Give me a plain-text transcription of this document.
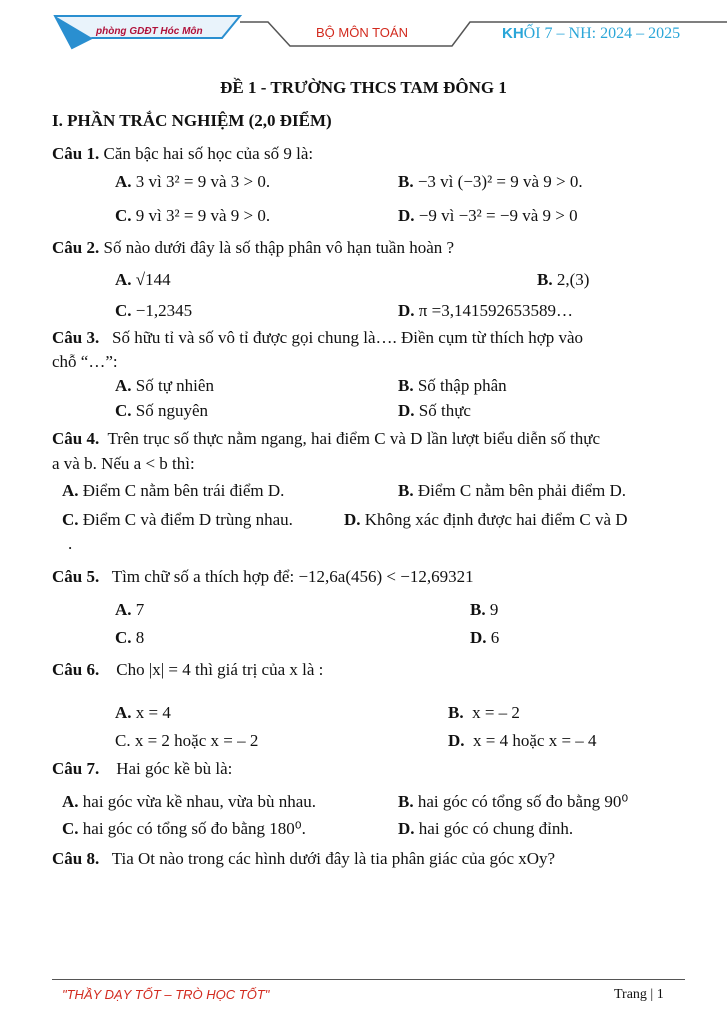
phòng GDĐT Hóc Môn	BỘ MÔN TOÁN	KHỐI 7 – NH: 2024 – 2025
ĐỀ 1 - TRƯỜNG THCS TAM ĐÔNG 1
I. PHẦN TRẮC NGHIỆM (2,0 ĐIỂM)
Câu 1. Căn bậc hai số học của số 9 là:
A. 3 vì 3² = 9 và 3 > 0.	B. −3 vì (−3)² = 9 và 9 > 0.
C. 9 vì 3² = 9 và 9 > 0.	D. −9 vì −3² = −9 và 9 > 0
Câu 2. Số nào dưới đây là số thập phân vô hạn tuần hoàn ?
A. √144	B. 2,(3)
C. −1,2345	D. π =3,141592653589…
Câu 3. Số hữu tỉ và số vô tỉ được gọi chung là…. Điền cụm từ thích hợp vào
chỗ “…”:
A. Số tự nhiên	B. Số thập phân
C. Số nguyên	D. Số thực
Câu 4. Trên trục số thực nằm ngang, hai điểm C và D lần lượt biểu diễn số thực
a và b. Nếu a < b thì:
A. Điểm C nằm bên trái điểm D.	B. Điểm C nằm bên phải điểm D.
C. Điểm C và điểm D trùng nhau.	D. Không xác định được hai điểm C và D
.
Câu 5. Tìm chữ số a thích hợp để: −12,6a(456) < −12,69321
A. 7	B. 9
C. 8	D. 6
Câu 6. Cho |x| = 4 thì giá trị của x là :
A. x = 4	B. x = – 2
C. x = 2 hoặc x = – 2	D. x = 4 hoặc x = – 4
Câu 7. Hai góc kề bù là:
A. hai góc vừa kề nhau, vừa bù nhau.	B. hai góc có tổng số đo bằng 90⁰
C. hai góc có tổng số đo bằng 180⁰.	D. hai góc có chung đỉnh.
Câu 8. Tia Ot nào trong các hình dưới đây là tia phân giác của góc xOy?
"THẦY DẠY TỐT – TRÒ HỌC TỐT"	Trang | 1
